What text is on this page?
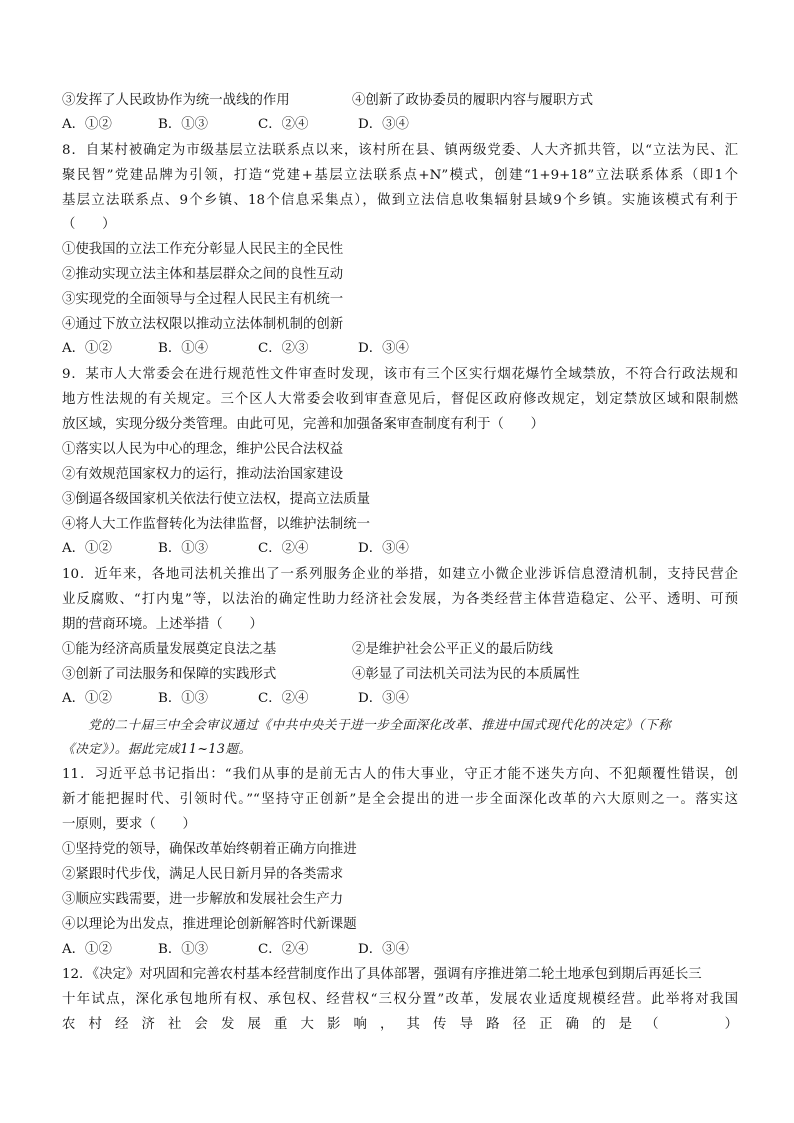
③发挥了人民政协作为统一战线的作用	④创新了政协委员的履职内容与履职方式
A．①②	B．①③	C．②④	D．③④
8．自某村被确定为市级基层立法联系点以来，该村所在县、镇两级党委、人大齐抓共管，以“立法为民、汇
聚民智”党建品牌为引领，打造“党建+基层立法联系点+N”模式，创建“1+9+18”立法联系体系（即1个
基层立法联系点、9个乡镇、18个信息采集点），做到立法信息收集辐射县域9个乡镇。实施该模式有利于
（　　）
①使我国的立法工作充分彰显人民民主的全民性
②推动实现立法主体和基层群众之间的良性互动
③实现党的全面领导与全过程人民民主有机统一
④通过下放立法权限以推动立法体制机制的创新
A．①②	B．①④	C．②③	D．③④
9．某市人大常委会在进行规范性文件审查时发现，该市有三个区实行烟花爆竹全域禁放，不符合行政法规和
地方性法规的有关规定。三个区人大常委会收到审查意见后，督促区政府修改规定，划定禁放区域和限制燃
放区域，实现分级分类管理。由此可见，完善和加强备案审查制度有利于（　　）
①落实以人民为中心的理念，维护公民合法权益
②有效规范国家权力的运行，推动法治国家建设
③倒逼各级国家机关依法行使立法权，提高立法质量
④将人大工作监督转化为法律监督，以维护法制统一
A．①②	B．①③	C．②④	D．③④
10．近年来，各地司法机关推出了一系列服务企业的举措，如建立小微企业涉诉信息澄清机制，支持民营企
业反腐败、“打内鬼”等，以法治的确定性助力经济社会发展，为各类经营主体营造稳定、公平、透明、可预
期的营商环境。上述举措（　　）
①能为经济高质量发展奠定良法之基	②是维护社会公平正义的最后防线
③创新了司法服务和保障的实践形式	④彰显了司法机关司法为民的本质属性
A．①②	B．①③	C．②④	D．③④
　　党的二十届三中全会审议通过《中共中央关于进一步全面深化改革、推进中国式现代化的决定》（下称
《决定》）。据此完成11~13题。
11．习近平总书记指出：“我们从事的是前无古人的伟大事业，守正才能不迷失方向、不犯颠覆性错误，创
新才能把握时代、引领时代。”“坚持守正创新”是全会提出的进一步全面深化改革的六大原则之一。落实这
一原则，要求（　　）
①坚持党的领导，确保改革始终朝着正确方向推进
②紧跟时代步伐，满足人民日新月异的各类需求
③顺应实践需要，进一步解放和发展社会生产力
④以理论为出发点，推进理论创新解答时代新课题
A．①②	B．①③	C．②④	D．③④
12．《决定》对巩固和完善农村基本经营制度作出了具体部署，强调有序推进第二轮土地承包到期后再延长三
十年试点，深化承包地所有权、承包权、经营权“三权分置”改革，发展农业适度规模经营。此举将对我国
农村经济社会发展重大影响，其传导路径正确的是（　　）
